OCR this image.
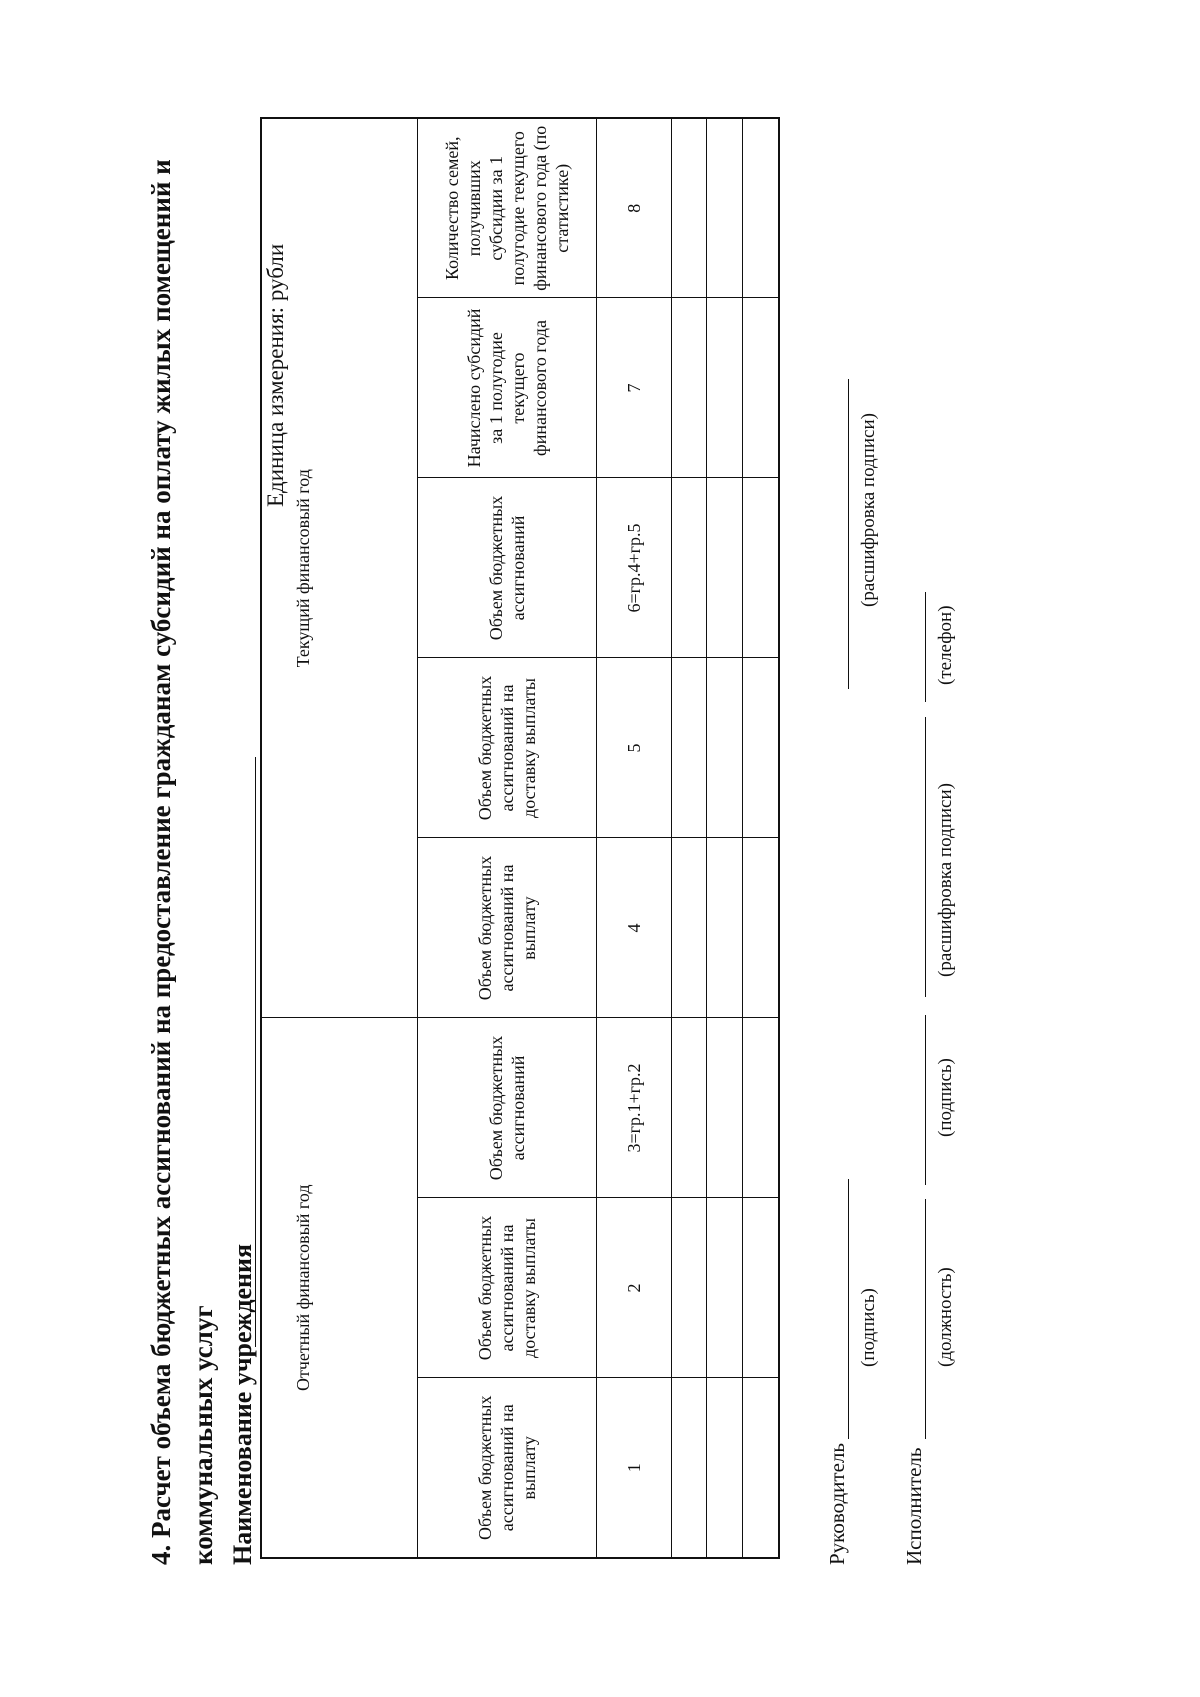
4. Расчет объема бюджетных ассигнований на предоставление гражданам субсидий на оплату жилых помещений и коммунальных услуг Наименование учреждения
Единица измерения: рубли
Отчетный финансовый год			Текущий финансовый год				
Объем бюджетных ассигнований на выплату	Объем бюджетных ассигнований на доставку выплаты	Объем бюджетных ассигнований	Объем бюджетных ассигнований на выплату	Объем бюджетных ассигнований на доставку выплаты	Объем бюджетных ассигнований	Начислено субсидий за 1 полугодие текущего финансового года	Количество семей, получивших субсидии за 1 полугодие текущего финансового года (по статистике)
1	2	3=гр.1+гр.2	4	5	6=гр.4+гр.5	7	8

Руководитель
(подпись)
(расшифровка подписи)
Исполнитель
(должность)
(подпись)
(расшифровка подписи)
(телефон)
